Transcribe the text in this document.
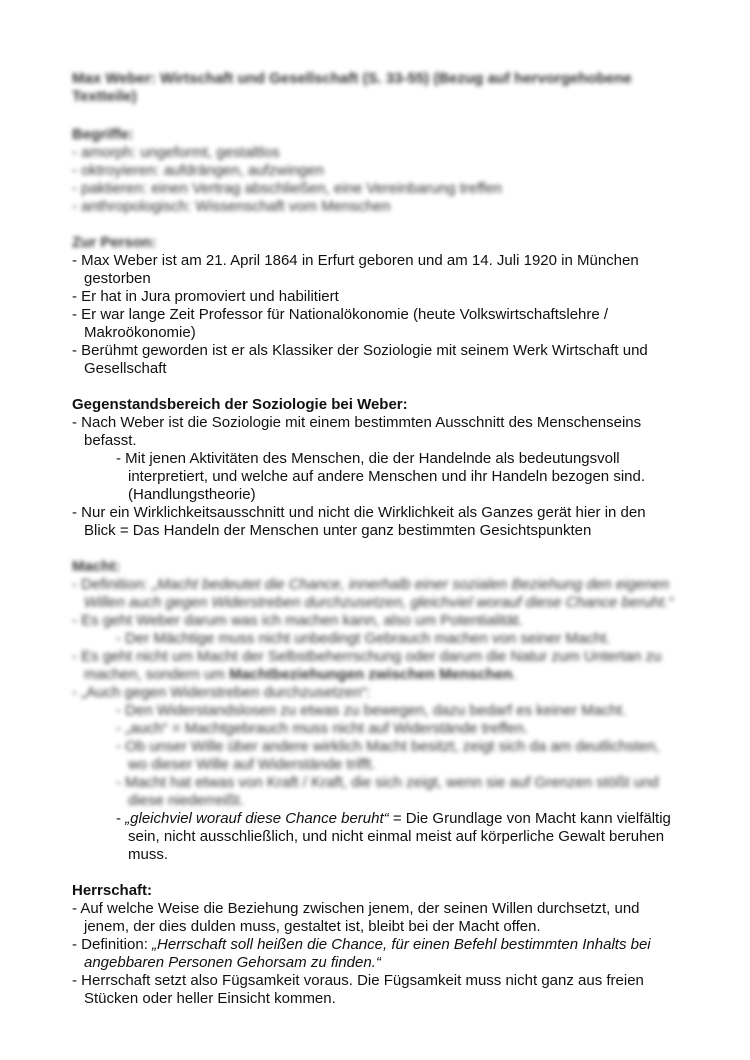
Max Weber: Wirtschaft und Gesellschaft (S. 33-55) (Bezug auf hervorgehobene Textteile)

Begriffe:

- amorph: ungeformt, gestaltlos

- oktroyieren: aufdrängen, aufzwingen

- paktieren: einen Vertrag abschließen, eine Vereinbarung treffen

- anthropologisch: Wissenschaft vom Menschen

Zur Person:

- Max Weber ist am 21. April 1864 in Erfurt geboren und am 14. Juli 1920 in München gestorben

- Er hat in Jura promoviert und habilitiert

- Er war lange Zeit Professor für Nationalökonomie (heute Volkswirtschaftslehre / Makroökonomie)

- Berühmt geworden ist er als Klassiker der Soziologie mit seinem Werk Wirtschaft und Gesellschaft

Gegenstandsbereich der Soziologie bei Weber:

- Nach Weber ist die Soziologie mit einem bestimmten Ausschnitt des Menschenseins befasst.

- Mit jenen Aktivitäten des Menschen, die der Handelnde als bedeutungsvoll interpretiert, und welche auf andere Menschen und ihr Handeln bezogen sind. (Handlungstheorie)

- Nur ein Wirklichkeitsausschnitt und nicht die Wirklichkeit als Ganzes gerät hier in den Blick = Das Handeln der Menschen unter ganz bestimmten Gesichtspunkten

Macht:

- Definition: „Macht bedeutet die Chance, innerhalb einer sozialen Beziehung den eigenen Willen auch gegen Widerstreben durchzusetzen, gleichviel worauf diese Chance beruht.“

- Es geht Weber darum was ich machen kann, also um Potentialität.

- Der Mächtige muss nicht unbedingt Gebrauch machen von seiner Macht.

- Es geht nicht um Macht der Selbstbeherrschung oder darum die Natur zum Untertan zu machen, sondern um Machtbeziehungen zwischen Menschen.

- „Auch gegen Widerstreben durchzusetzen“:

- Den Widerstandslosen zu etwas zu bewegen, dazu bedarf es keiner Macht.

- „auch“ = Machtgebrauch muss nicht auf Widerstände treffen.

- Ob unser Wille über andere wirklich Macht besitzt, zeigt sich da am deutlichsten, wo dieser Wille auf Widerstände trifft.

- Macht hat etwas von Kraft / Kraft, die sich zeigt, wenn sie auf Grenzen stößt und diese niederreißt.

- „gleichviel worauf diese Chance beruht“ = Die Grundlage von Macht kann vielfältig sein, nicht ausschließlich, und nicht einmal meist auf körperliche Gewalt beruhen muss.

Herrschaft:

- Auf welche Weise die Beziehung zwischen jenem, der seinen Willen durchsetzt, und jenem, der dies dulden muss, gestaltet ist, bleibt bei der Macht offen.

- Definition: „Herrschaft soll heißen die Chance, für einen Befehl bestimmten Inhalts bei angebbaren Personen Gehorsam zu finden.“

- Herrschaft setzt also Fügsamkeit voraus. Die Fügsamkeit muss nicht ganz aus freien Stücken oder heller Einsicht kommen.
